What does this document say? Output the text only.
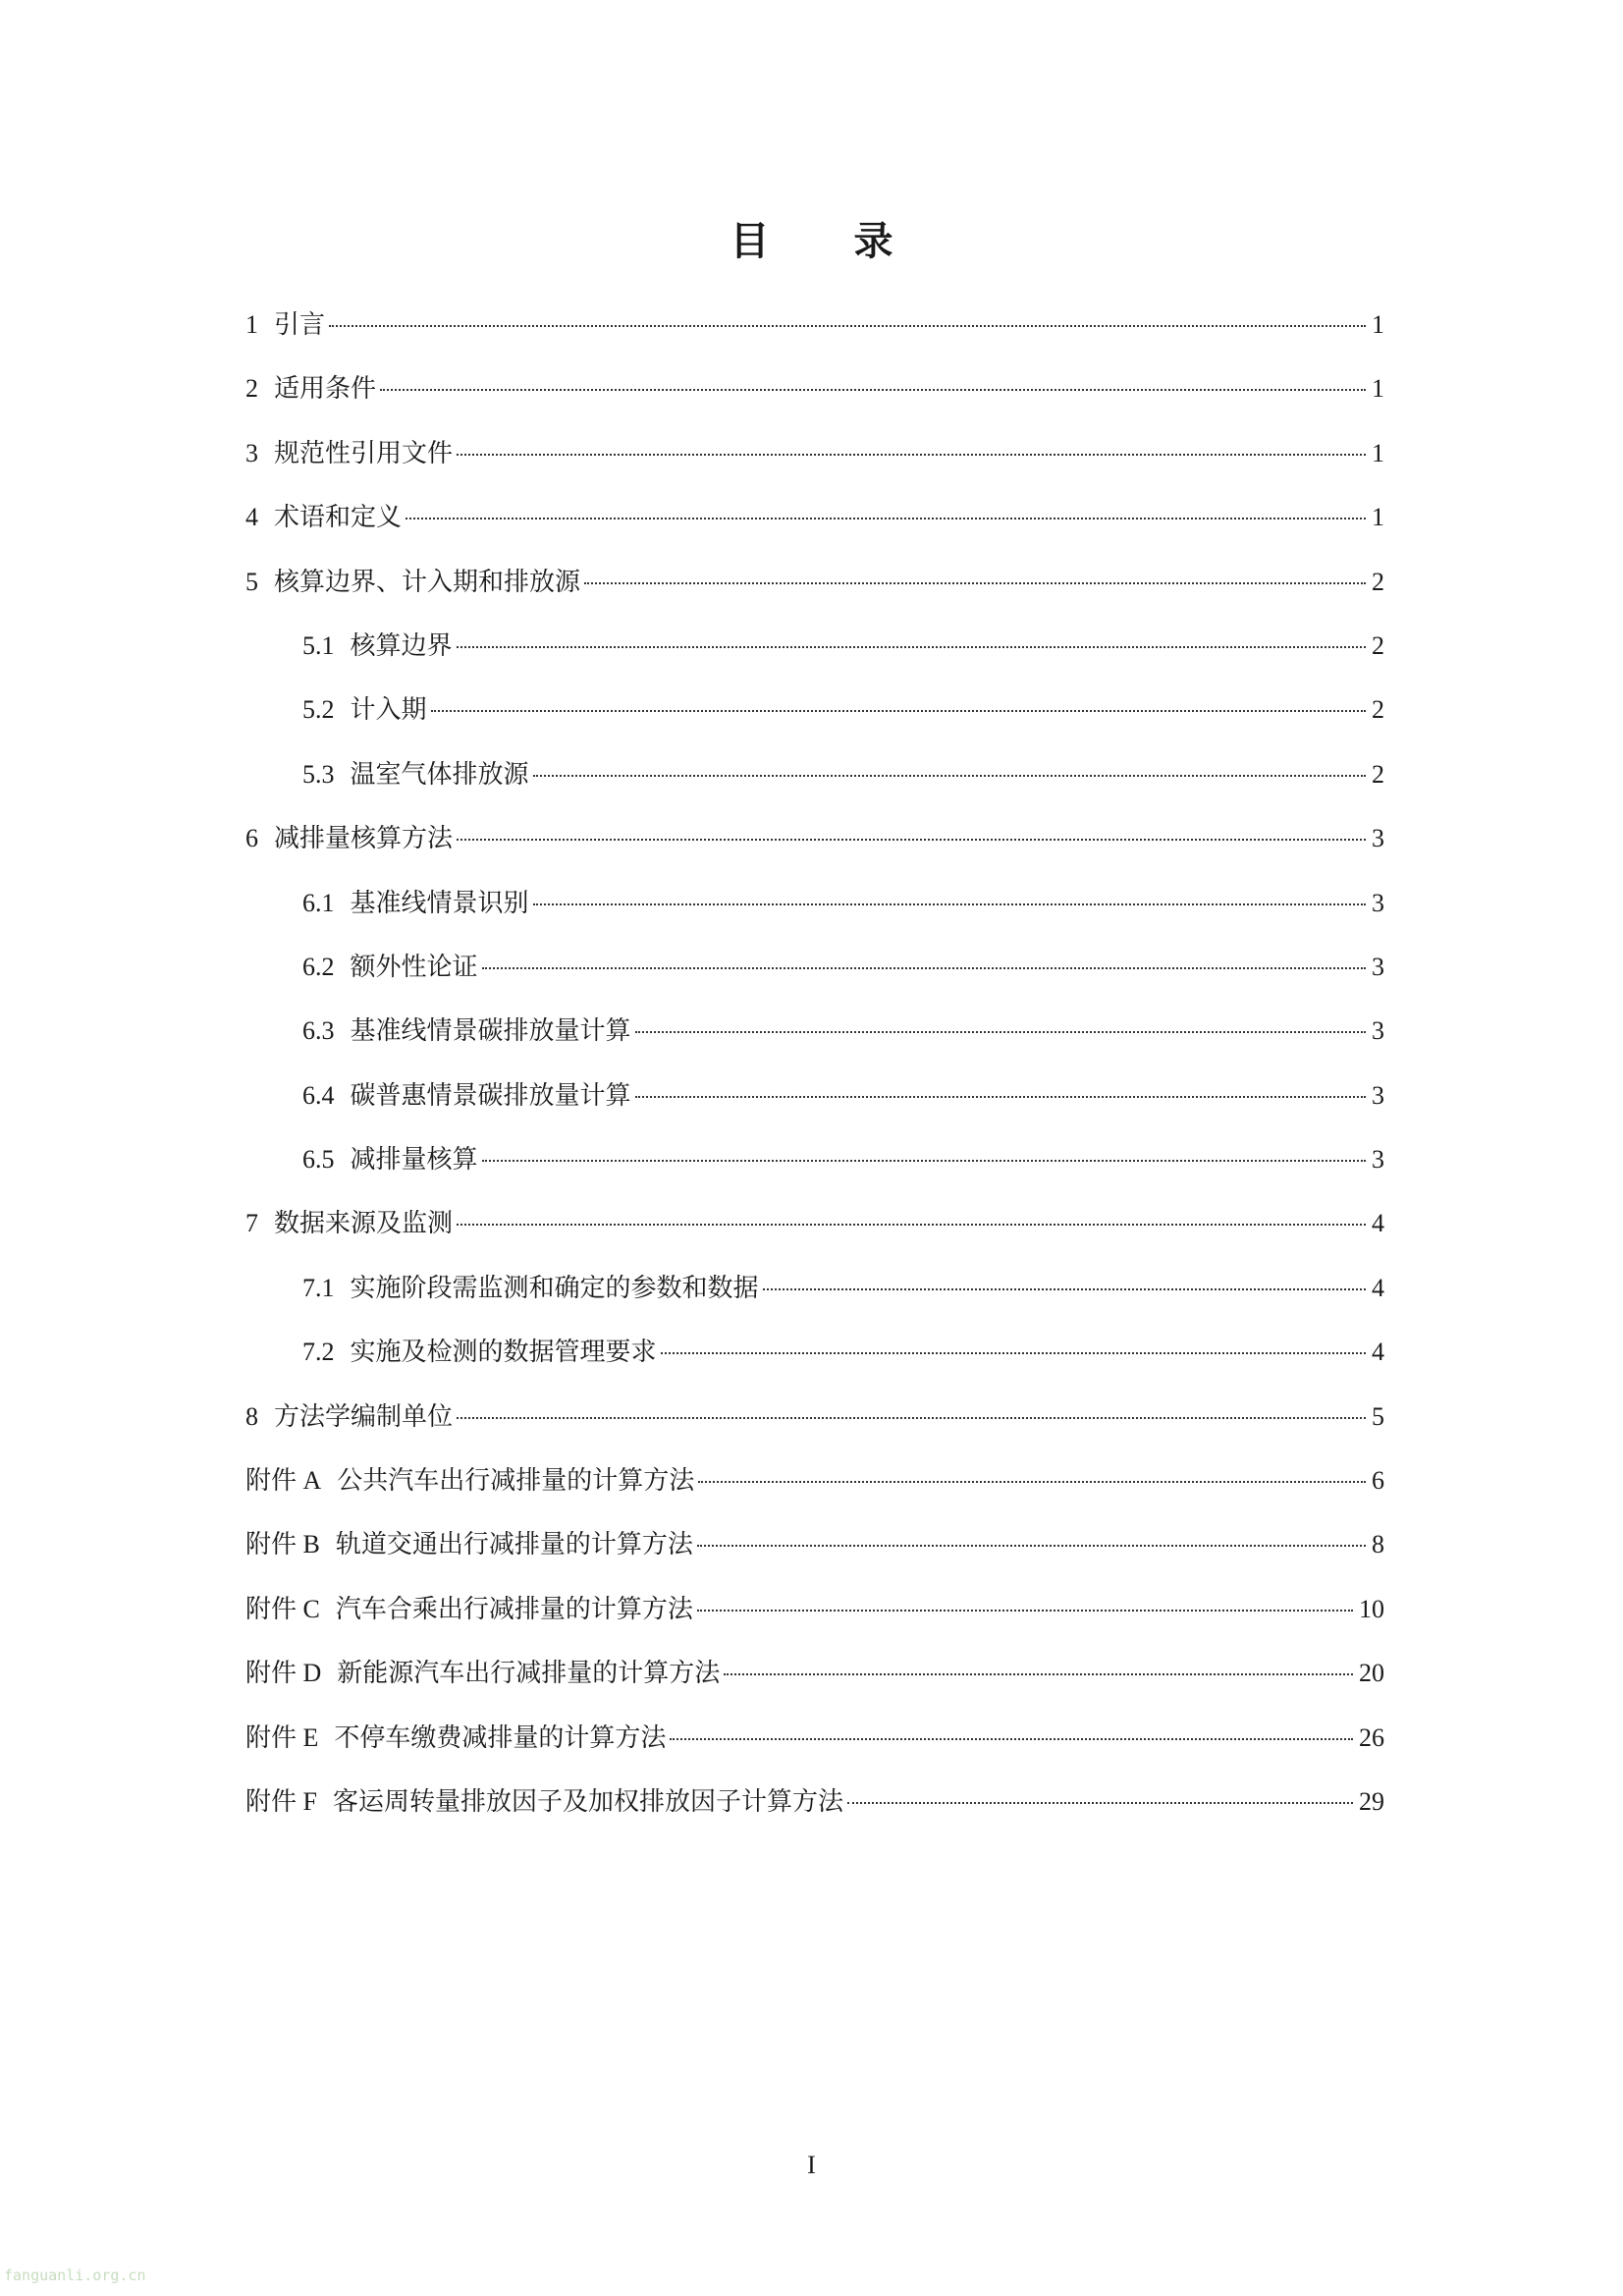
目 录
1 引言	1
2 适用条件	1
3 规范性引用文件	1
4 术语和定义	1
5 核算边界、计入期和排放源	2
5.1 核算边界	2
5.2 计入期	2
5.3 温室气体排放源	2
6 减排量核算方法	3
6.1 基准线情景识别	3
6.2 额外性论证	3
6.3 基准线情景碳排放量计算	3
6.4 碳普惠情景碳排放量计算	3
6.5 减排量核算	3
7 数据来源及监测	4
7.1 实施阶段需监测和确定的参数和数据	4
7.2 实施及检测的数据管理要求	4
8 方法学编制单位	5
附件 A 公共汽车出行减排量的计算方法	6
附件 B 轨道交通出行减排量的计算方法	8
附件 C 汽车合乘出行减排量的计算方法	10
附件 D 新能源汽车出行减排量的计算方法	20
附件 E 不停车缴费减排量的计算方法	26
附件 F 客运周转量排放因子及加权排放因子计算方法	29
I
fanguanli.org.cn
